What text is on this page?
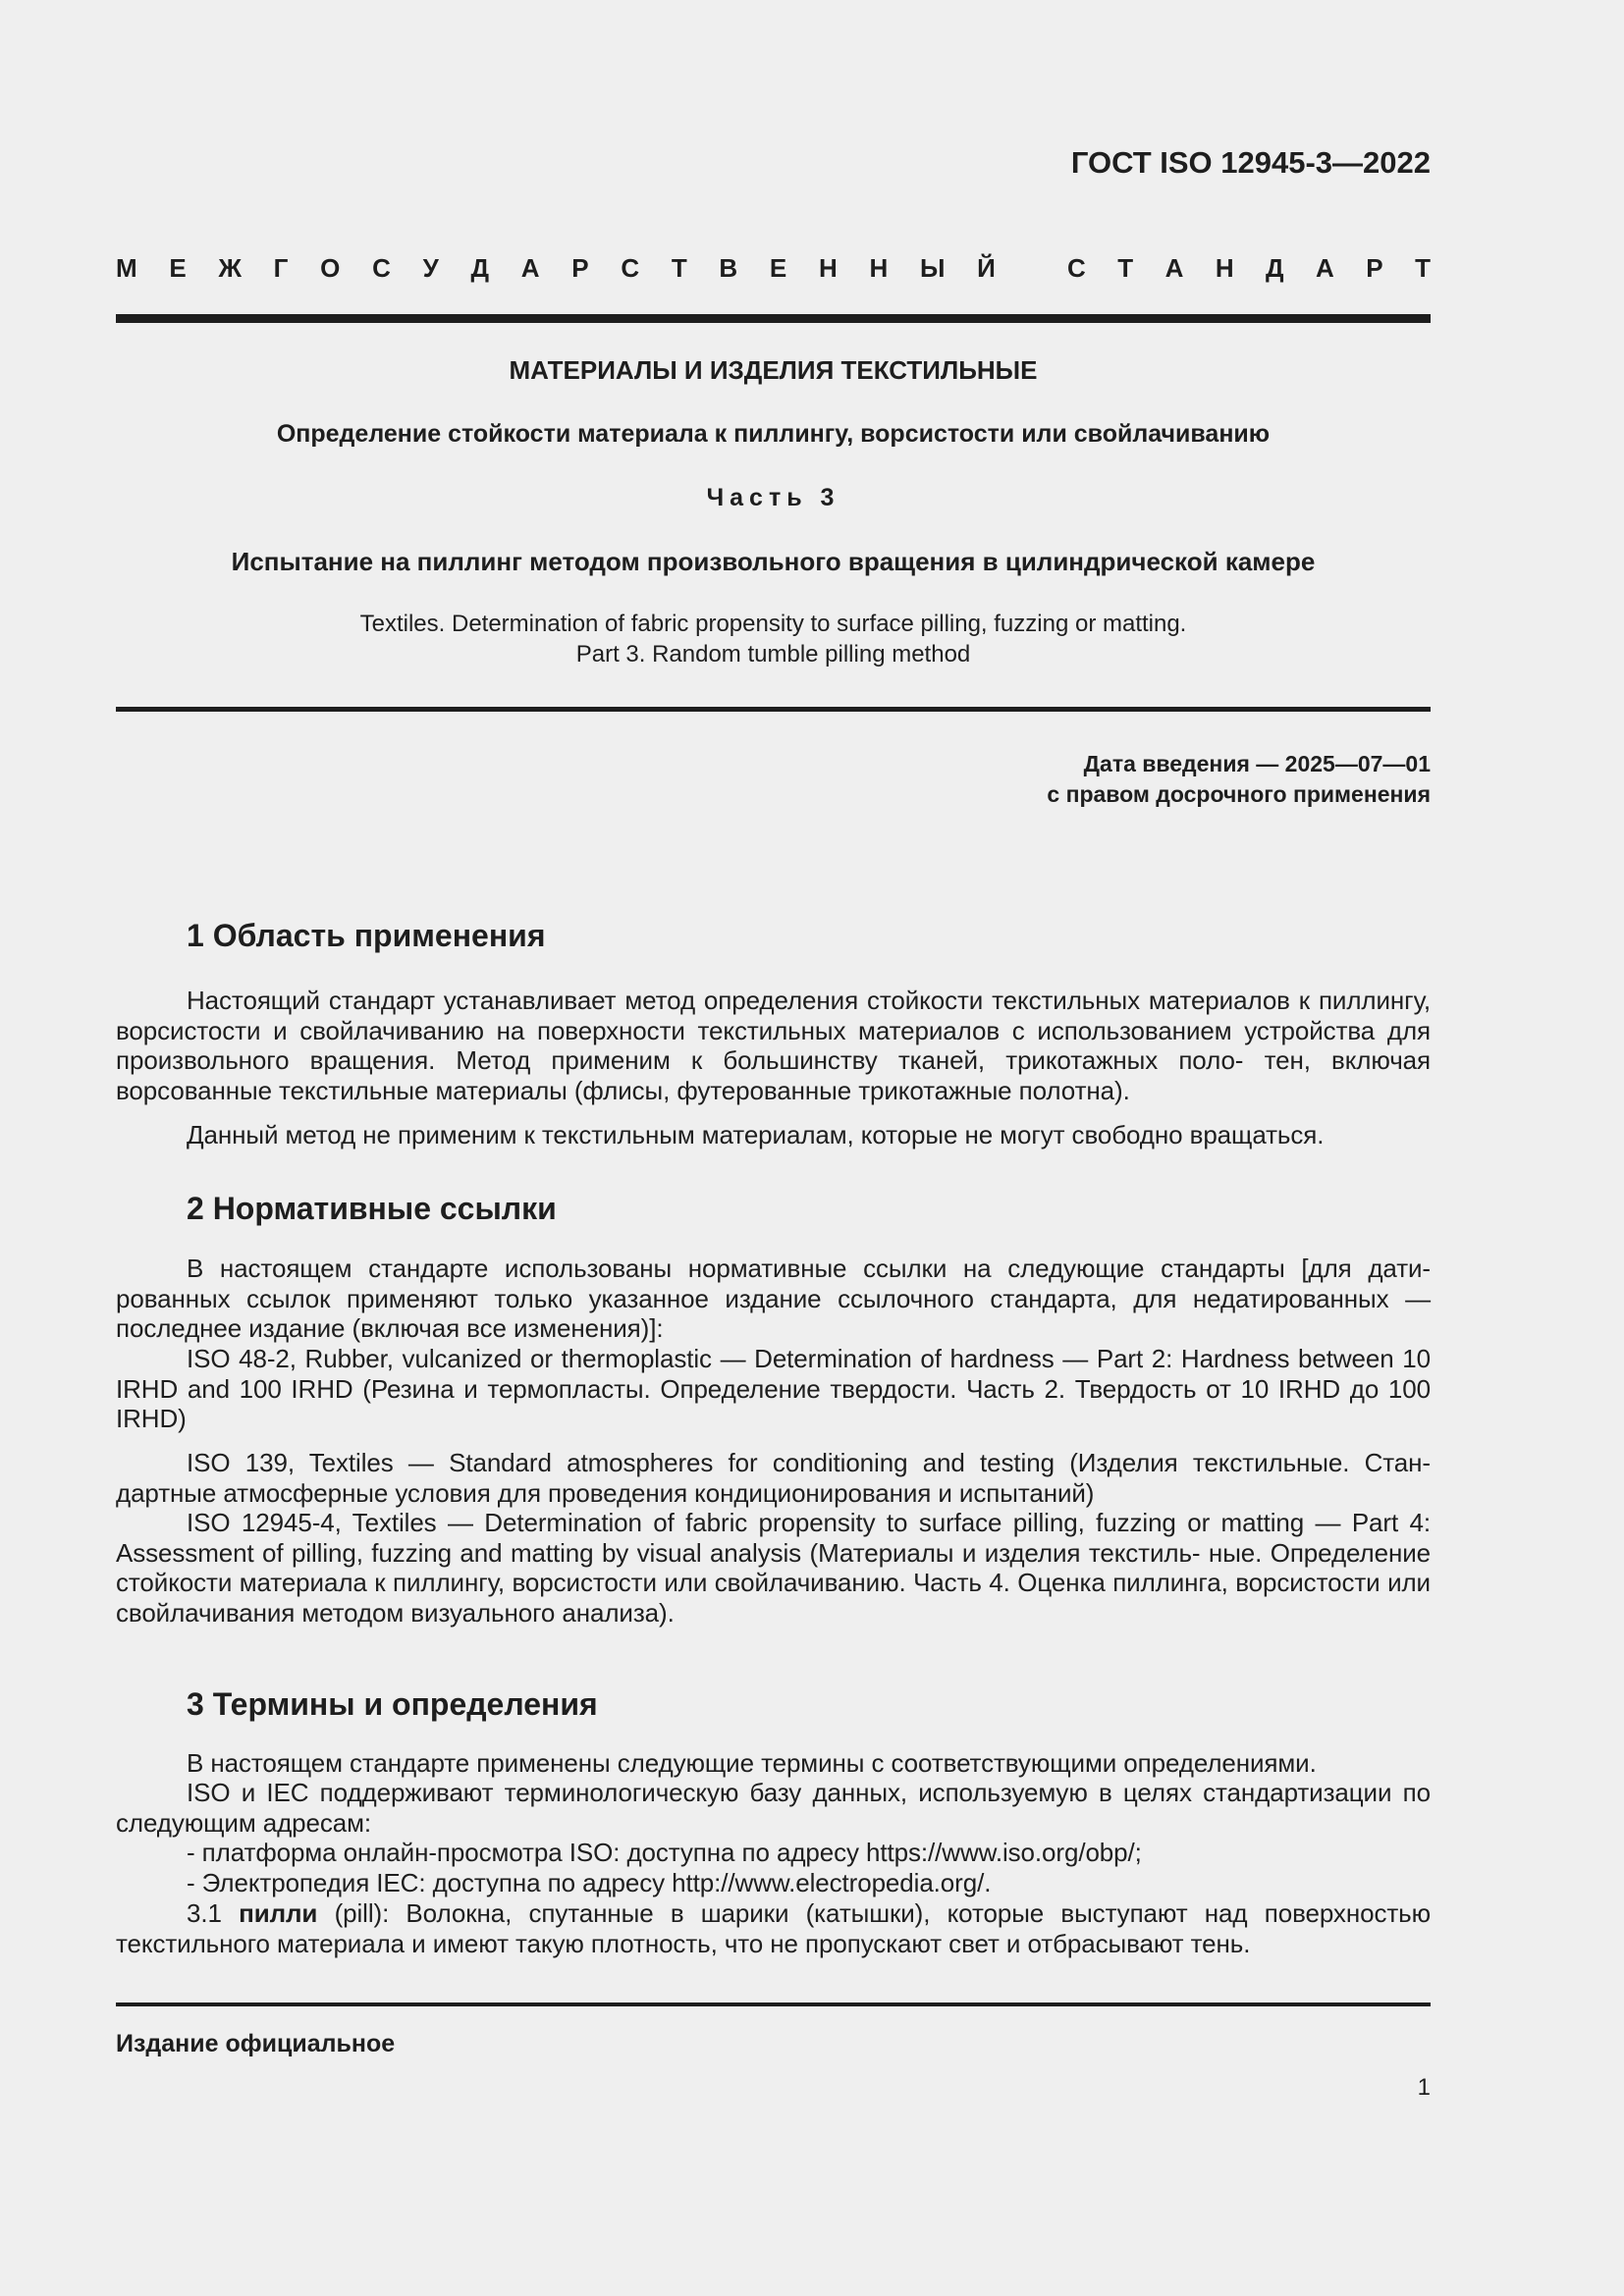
ГОСТ ISO 12945-3—2022
М Е Ж Г О С У Д А Р С Т В Е Н Н Ы Й	С Т А Н Д А Р Т
МАТЕРИАЛЫ И ИЗДЕЛИЯ ТЕКСТИЛЬНЫЕ
Определение стойкости материала к пиллингу, ворсистости или свойлачиванию
Часть 3
Испытание на пиллинг методом произвольного вращения в цилиндрической камере
Textiles. Determination of fabric propensity to surface pilling, fuzzing or matting.
Part 3. Random tumble pilling method
Дата введения — 2025—07—01
с правом досрочного применения
1 Область применения
Настоящий стандарт устанавливает метод определения стойкости текстильных материалов к пиллингу, ворсистости и свойлачиванию на поверхности текстильных материалов с использованием устройства для произвольного вращения. Метод применим к большинству тканей, трикотажных поло- тен, включая ворсованные текстильные материалы (флисы, футерованные трикотажные полотна).
Данный метод не применим к текстильным материалам, которые не могут свободно вращаться.
2 Нормативные ссылки
В настоящем стандарте использованы нормативные ссылки на следующие стандарты [для дати- рованных ссылок применяют только указанное издание ссылочного стандарта, для недатированных — последнее издание (включая все изменения)]:
ISO 48-2, Rubber, vulcanized or thermoplastic — Determination of hardness — Part 2: Hardness between 10 IRHD and 100 IRHD (Резина и термопласты. Определение твердости. Часть 2. Твердость от 10 IRHD до 100 IRHD)
ISO 139, Textiles — Standard atmospheres for conditioning and testing (Изделия текстильные. Стан- дартные атмосферные условия для проведения кондиционирования и испытаний)
ISO 12945-4, Textiles — Determination of fabric propensity to surface pilling, fuzzing or matting — Part 4: Assessment of pilling, fuzzing and matting by visual analysis (Материалы и изделия текстиль- ные. Определение стойкости материала к пиллингу, ворсистости или свойлачиванию. Часть 4. Оценка пиллинга, ворсистости или свойлачивания методом визуального анализа).
3 Термины и определения
В настоящем стандарте применены следующие термины с соответствующими определениями.
ISO и IEC поддерживают терминологическую базу данных, используемую в целях стандартизации по следующим адресам:
- платформа онлайн-просмотра ISO: доступна по адресу https://www.iso.org/obp/;
- Электропедия IEC: доступна по адресу http://www.electropedia.org/.
3.1 пилли (pill): Волокна, спутанные в шарики (катышки), которые выступают над поверхностью текстильного материала и имеют такую плотность, что не пропускают свет и отбрасывают тень.
Издание официальное
1
